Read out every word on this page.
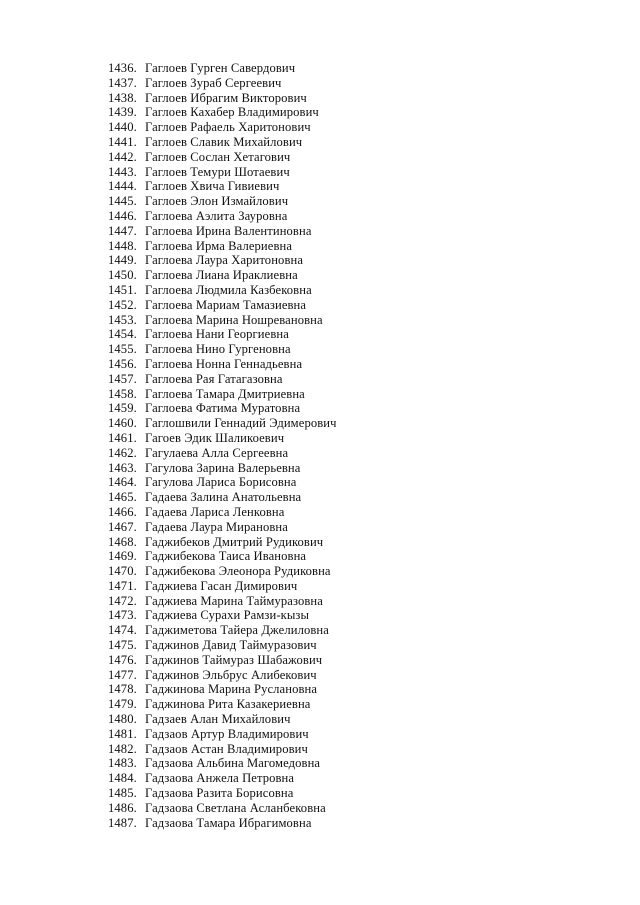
1436. Гаглоев Гурген Савердович
1437. Гаглоев Зураб Сергеевич
1438. Гаглоев Ибрагим Викторович
1439. Гаглоев Кахабер Владимирович
1440. Гаглоев Рафаель Харитонович
1441. Гаглоев Славик Михайлович
1442. Гаглоев Сослан Хетагович
1443. Гаглоев Темури Шотаевич
1444. Гаглоев Хвича Гивиевич
1445. Гаглоев Элон Измайлович
1446. Гаглоева Аэлита Зауровна
1447. Гаглоева Ирина Валентиновна
1448. Гаглоева Ирма Валериевна
1449. Гаглоева Лаура Харитоновна
1450. Гаглоева Лиана Ираклиевна
1451. Гаглоева Людмила Казбековна
1452. Гаглоева Мариам Тамазиевна
1453. Гаглоева Марина Ношревановна
1454. Гаглоева Нани Георгиевна
1455. Гаглоева Нино Гургеновна
1456. Гаглоева Нонна Геннадьевна
1457. Гаглоева Рая Гатагазовна
1458. Гаглоева Тамара Дмитриевна
1459. Гаглоева Фатима Муратовна
1460. Гаглошвили Геннадий Эдимерович
1461. Гагоев Эдик Шаликоевич
1462. Гагулаева Алла Сергеевна
1463. Гагулова Зарина Валерьевна
1464. Гагулова Лариса Борисовна
1465. Гадаева Залина Анатольевна
1466. Гадаева Лариса Ленковна
1467. Гадаева Лаура Мирановна
1468. Гаджибеков Дмитрий Рудикович
1469. Гаджибекова Таиса Ивановна
1470. Гаджибекова Элеонора Рудиковна
1471. Гаджиева Гасан Димирович
1472. Гаджиева Марина Таймуразовна
1473. Гаджиева Сурахи Рамзи-кызы
1474. Гаджиметова Тайера Джелиловна
1475. Гаджинов Давид Таймуразович
1476. Гаджинов Таймураз Шабажович
1477. Гаджинов Эльбрус Алибекович
1478. Гаджинова Марина Руслановна
1479. Гаджинова Рита Казакериевна
1480. Гадзаев Алан Михайлович
1481. Гадзаов Артур Владимирович
1482. Гадзаов Астан Владимирович
1483. Гадзаова Альбина Магомедовна
1484. Гадзаова Анжела Петровна
1485. Гадзаова Разита Борисовна
1486. Гадзаова Светлана Асланбековна
1487. Гадзаова Тамара Ибрагимовна
